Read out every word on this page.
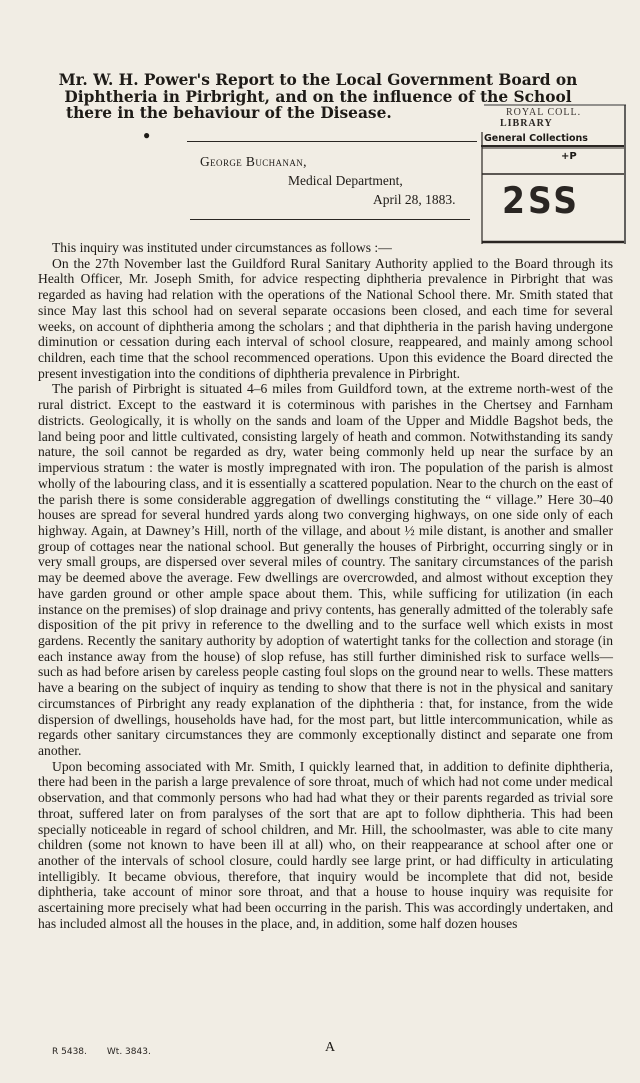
Mr. W. H. Power's Report to the Local Government Board on
Diphtheria in Pirbright, and on the influence of the School

there in the behaviour of the Disease.
●
George Buchanan,
Medical Department,
April 28, 1883.
ROYAL COLL.
LIBRARY
General Collections
+P
2SS

This inquiry was instituted under circumstances as follows :—

On the 27th November last the Guildford Rural Sanitary Authority applied to the Board through its Health Officer, Mr. Joseph Smith, for advice respecting diphtheria prevalence in Pirbright that was regarded as having had relation with the operations of the National School there. Mr. Smith stated that since May last this school had on several separate occasions been closed, and each time for several weeks, on account of diphtheria among the scholars ; and that diphtheria in the parish having undergone diminution or cessation during each interval of school closure, reappeared, and mainly among school children, each time that the school recommenced operations. Upon this evidence the Board directed the present investigation into the conditions of diphtheria prevalence in Pirbright.

The parish of Pirbright is situated 4–6 miles from Guildford town, at the extreme north-west of the rural district. Except to the eastward it is coterminous with parishes in the Chertsey and Farnham districts. Geologically, it is wholly on the sands and loam of the Upper and Middle Bagshot beds, the land being poor and little cultivated, consisting largely of heath and common. Notwithstanding its sandy nature, the soil cannot be regarded as dry, water being commonly held up near the surface by an impervious stratum : the water is mostly impregnated with iron. The population of the parish is almost wholly of the labouring class, and it is essentially a scattered population. Near to the church on the east of the parish there is some considerable aggregation of dwellings constituting the “ village.” Here 30–40 houses are spread for several hundred yards along two converging highways, on one side only of each highway. Again, at Dawney’s Hill, north of the village, and about ½ mile distant, is another and smaller group of cottages near the national school. But generally the houses of Pirbright, occurring singly or in very small groups, are dispersed over several miles of country. The sanitary circumstances of the parish may be deemed above the average. Few dwellings are overcrowded, and almost without exception they have garden ground or other ample space about them. This, while sufficing for utilization (in each instance on the premises) of slop drainage and privy contents, has generally admitted of the tolerably safe disposition of the pit privy in reference to the dwelling and to the surface well which exists in most gardens. Recently the sanitary authority by adoption of watertight tanks for the collection and storage (in each instance away from the house) of slop refuse, has still further diminished risk to surface wells—such as had before arisen by careless people casting foul slops on the ground near to wells. These matters have a bearing on the subject of inquiry as tending to show that there is not in the physical and sanitary circumstances of Pirbright any ready explanation of the diphtheria : that, for instance, from the wide dispersion of dwellings, households have had, for the most part, but little intercommunication, while as regards other sanitary circumstances they are commonly exceptionally distinct and separate one from another.

Upon becoming associated with Mr. Smith, I quickly learned that, in addition to definite diphtheria, there had been in the parish a large prevalence of sore throat, much of which had not come under medical observation, and that commonly persons who had had what they or their parents regarded as trivial sore throat, suffered later on from paralyses of the sort that are apt to follow diphtheria. This had been specially noticeable in regard of school children, and Mr. Hill, the schoolmaster, was able to cite many children (some not known to have been ill at all) who, on their reappearance at school after one or another of the intervals of school closure, could hardly see large print, or had difficulty in articulating intelligibly. It became obvious, therefore, that inquiry would be incomplete that did not, beside diphtheria, take account of minor sore throat, and that a house to house inquiry was requisite for ascertaining more precisely what had been occurring in the parish. This was accordingly undertaken, and has included almost all the houses in the place, and, in addition, some half dozen houses

R 5438. Wt. 3843.	A
